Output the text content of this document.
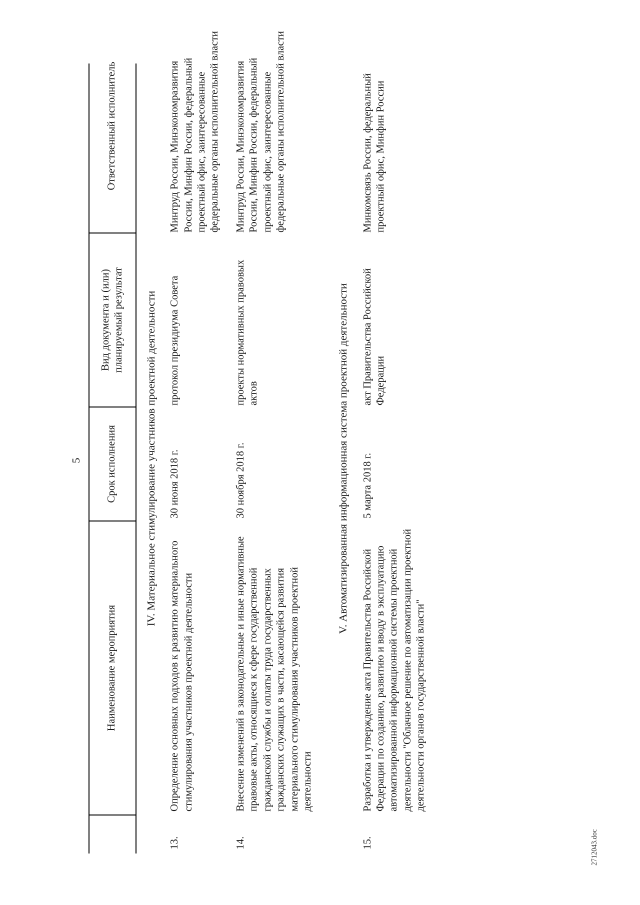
5
Наименование мероприятия
Срок исполнения
Вид документа и (или) планируемый результат
Ответственный исполнитель
IV. Материальное стимулирование участников проектной деятельности
13.
Определение основных подходов к развитию материального стимулирования участников проектной деятельности
30 июня 2018 г.
протокол президиума Совета
Минтруд России, Минэкономразвития России, Минфин России, федеральный проектный офис, заинтересованные федеральные органы исполнительной власти
14.
Внесение изменений в законодательные и иные нормативные правовые акты, относящиеся к сфере государственной гражданской службы и оплаты труда государственных гражданских служащих в части, касающейся развития материального стимулирования участников проектной деятельности
30 ноября 2018 г.
проекты нормативных правовых актов
Минтруд России, Минэкономразвития России, Минфин России, федеральный проектный офис, заинтересованные федеральные органы исполнительной власти
V. Автоматизированная информационная система проектной деятельности
15.
Разработка и утверждение акта Правительства Российской Федерации по созданию, развитию и вводу в эксплуатацию автоматизированной информационной системы проектной деятельности "Облачное решение по автоматизации проектной деятельности органов государственной власти"
5 марта 2018 г.
акт Правительства Российской Федерации
Минкомсвязь России, федеральный проектный офис, Минфин России
2712043.doc
